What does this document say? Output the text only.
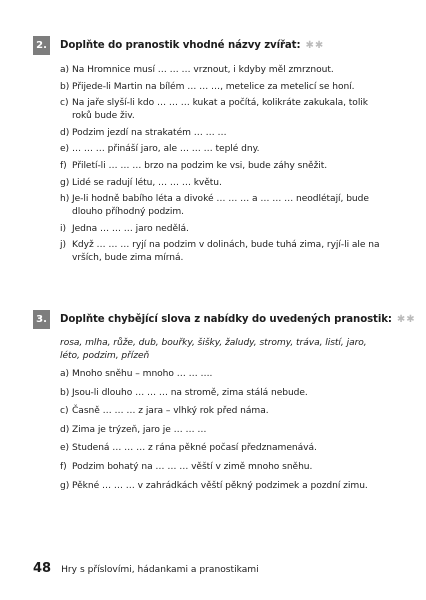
2.	Doplňte do pranostik vhodné názvy zvířat: ✱ ✱
a) Na Hromnice musí … … … vrznout, i kdyby měl zmrznout.
b) Přijede-li Martin na bílém … … …, metelice za metelicí se honí.
c) Na jaře slyší-li kdo … … … kukat a počítá, kolikráte zakukala, tolik roků bude živ.
d) Podzim jezdí na strakatém … … …
e) … … … přináší jaro, ale … … … teplé dny.
f) Přiletí-li … … … brzo na podzim ke vsi, bude záhy sněžit.
g) Lidé se radují létu, … … … květu.
h) Je-li hodně babího léta a divoké … … … a … … … neodlétají, bude dlouho příhodný podzim.
i) Jedna … … … jaro nedělá.
j) Když … … … ryjí na podzim v dolinách, bude tuhá zima, ryjí-li ale na vrších, bude zima mírná.
3.	Doplňte chybějící slova z nabídky do uvedených pranostik: ✱ ✱
rosa, mlha, růže, dub, bouřky, šišky, žaludy, stromy, tráva, listí, jaro, léto, podzim, přízeň
a) Mnoho sněhu – mnoho … … ….
b) Jsou-li dlouho … … … na stromě, zima stálá nebude.
c) Časně … … … z jara – vlhký rok před náma.
d) Zima je trýzeň, jaro je … … …
e) Studená … … … z rána pěkné počasí předznamenává.
f) Podzim bohatý na … … … věští v zimě mnoho sněhu.
g) Pěkné … … … v zahrádkách věští pěkný podzimek a pozdní zimu.
48 Hry s příslovími, hádankami a pranostikami
